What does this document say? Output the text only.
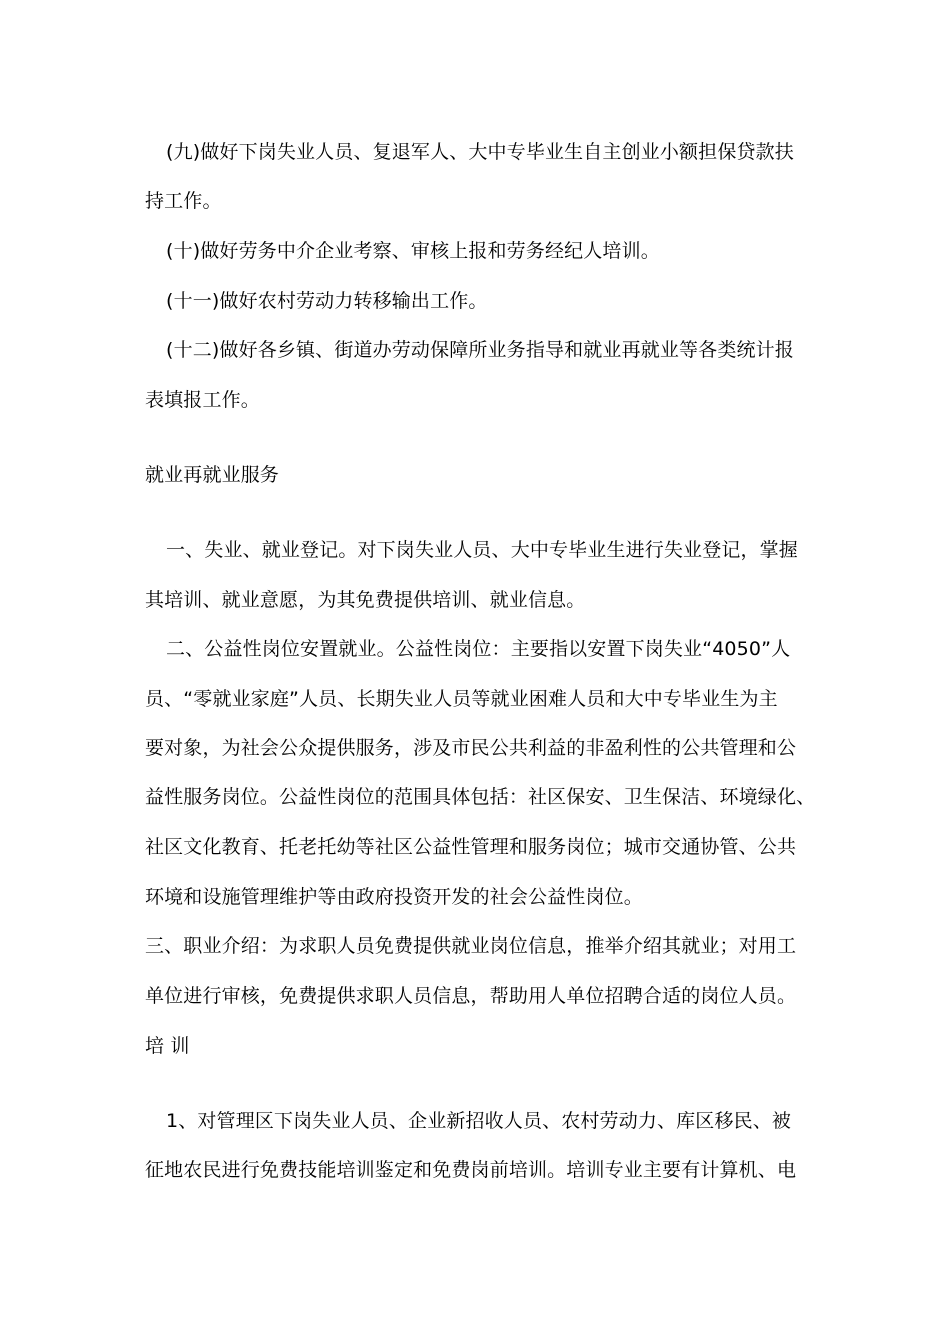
(九)做好下岗失业人员、复退军人、大中专毕业生自主创业小额担保贷款扶
持工作。
(十)做好劳务中介企业考察、审核上报和劳务经纪人培训。
(十一)做好农村劳动力转移输出工作。
(十二)做好各乡镇、街道办劳动保障所业务指导和就业再就业等各类统计报
表填报工作。
就业再就业服务
一、失业、就业登记。对下岗失业人员、大中专毕业生进行失业登记，掌握
其培训、就业意愿，为其免费提供培训、就业信息。
二、公益性岗位安置就业。公益性岗位：主要指以安置下岗失业“4050”人
员、“零就业家庭”人员、长期失业人员等就业困难人员和大中专毕业生为主
要对象，为社会公众提供服务，涉及市民公共利益的非盈利性的公共管理和公
益性服务岗位。公益性岗位的范围具体包括：社区保安、卫生保洁、环境绿化、
社区文化教育、托老托幼等社区公益性管理和服务岗位；城市交通协管、公共
环境和设施管理维护等由政府投资开发的社会公益性岗位。
三、职业介绍：为求职人员免费提供就业岗位信息，推举介绍其就业；对用工
单位进行审核，免费提供求职人员信息，帮助用人单位招聘合适的岗位人员。
培 训
1、对管理区下岗失业人员、企业新招收人员、农村劳动力、库区移民、被
征地农民进行免费技能培训鉴定和免费岗前培训。培训专业主要有计算机、电
